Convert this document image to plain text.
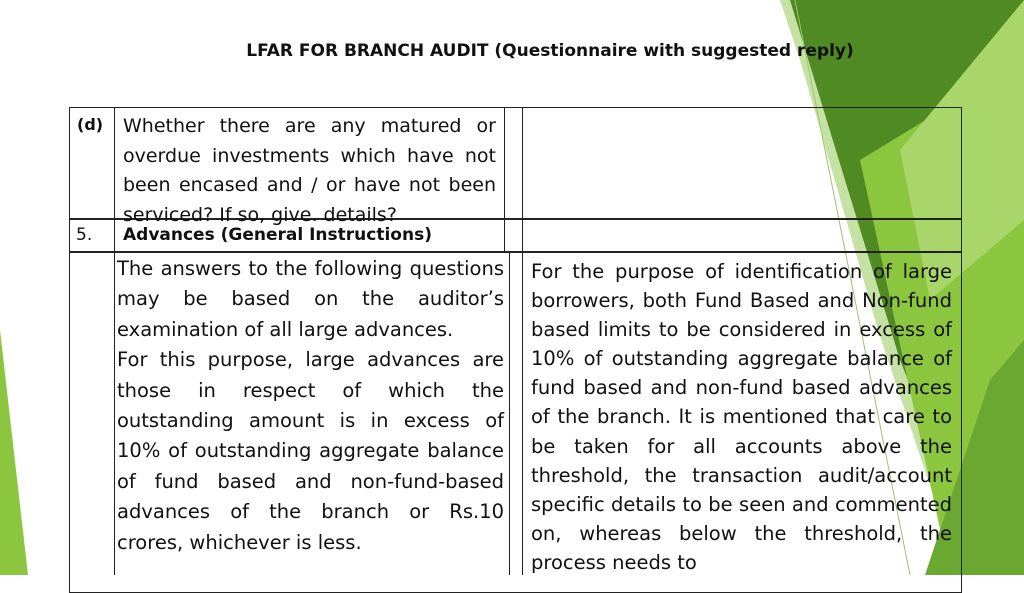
LFAR FOR BRANCH AUDIT (Questionnaire with suggested reply)
(d) Whether there are any matured or overdue investments which have not been encased and / or have not been serviced? If so, give. details?
5. Advances (General Instructions)

The answers to the following questions may be based on the auditor’s examination of all large advances.

For this purpose, large advances are those in respect of which the outstanding amount is in excess of 10% of outstanding aggregate balance of fund based and non-fund-based advances of the branch or Rs.10 crores, whichever is less.

For the purpose of identification of large borrowers, both Fund Based and Non-fund based limits to be considered in excess of 10% of outstanding aggregate balance of fund based and non-fund based advances of the branch. It is mentioned that care to be taken for all accounts above the threshold, the transaction audit/account specific details to be seen and commented on, whereas below the threshold, the process needs to
